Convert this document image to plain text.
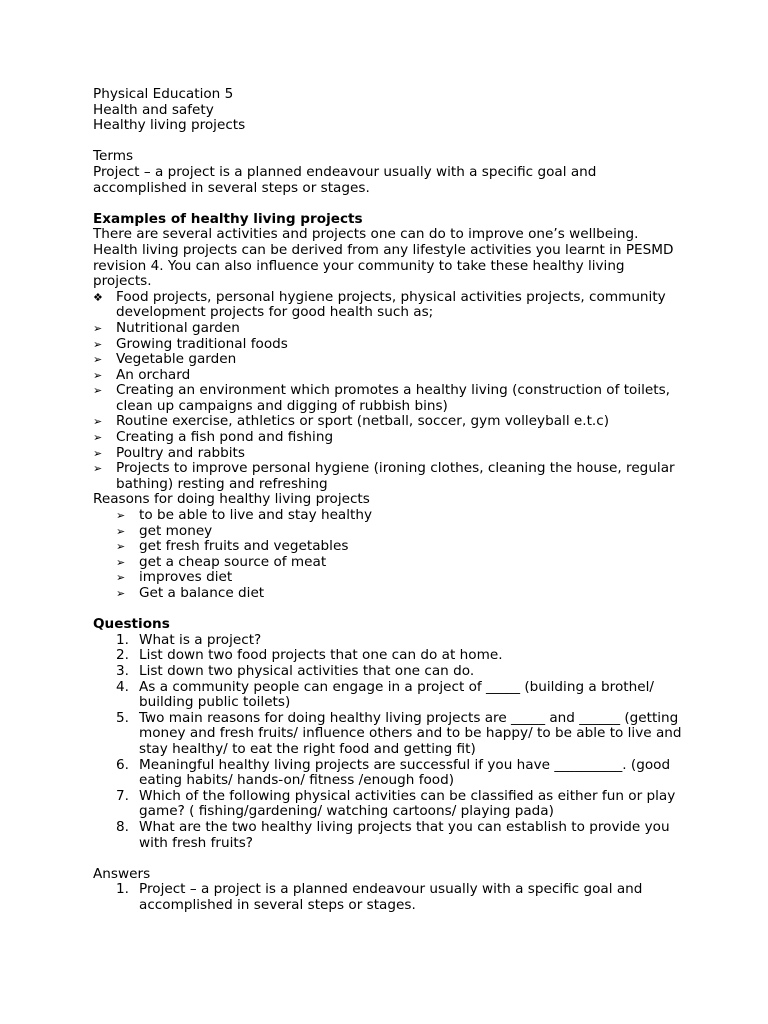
Physical Education 5

Health and safety

Healthy living projects

Terms

Project – a project is a planned endeavour usually with a specific goal and accomplished in several steps or stages.

Examples of healthy living projects

There are several activities and projects one can do to improve one’s wellbeing. Health living projects can be derived from any lifestyle activities you learnt in PESMD revision 4. You can also influence your community to take these healthy living projects.

❖ Food projects, personal hygiene projects, physical activities projects, community development projects for good health such as;
➢ Nutritional garden
➢ Growing traditional foods
➢ Vegetable garden
➢ An orchard
➢ Creating an environment which promotes a healthy living (construction of toilets, clean up campaigns and digging of rubbish bins)
➢ Routine exercise, athletics or sport (netball, soccer, gym volleyball e.t.c)
➢ Creating a fish pond and fishing
➢ Poultry and rabbits
➢ Projects to improve personal hygiene (ironing clothes, cleaning the house, regular bathing) resting and refreshing

Reasons for doing healthy living projects

➢ to be able to live and stay healthy
➢ get money
➢ get fresh fruits and vegetables
➢ get a cheap source of meat
➢ improves diet
➢ Get a balance diet

Questions

1. What is a project?
2. List down two food projects that one can do at home.
3. List down two physical activities that one can do.
4. As a community people can engage in a project of _____ (building a brothel/ building public toilets)
5. Two main reasons for doing healthy living projects are _____ and ______ (getting money and fresh fruits/ influence others and to be happy/ to be able to live and stay healthy/ to eat the right food and getting fit)
6. Meaningful healthy living projects are successful if you have __________. (good eating habits/ hands-on/ fitness /enough food)
7. Which of the following physical activities can be classified as either fun or play game? ( fishing/gardening/ watching cartoons/ playing pada)
8. What are the two healthy living projects that you can establish to provide you with fresh fruits?

Answers

1. Project – a project is a planned endeavour usually with a specific goal and accomplished in several steps or stages.
